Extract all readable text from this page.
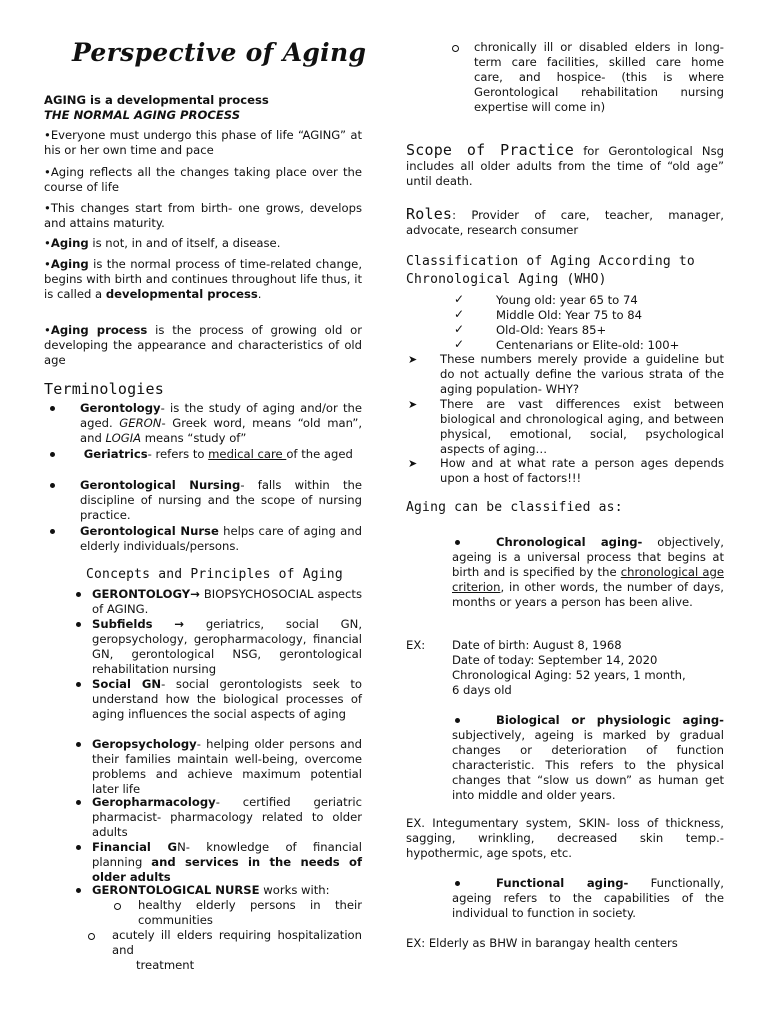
Perspective of Aging
AGING is a developmental process
THE NORMAL AGING PROCESS
•Everyone must undergo this phase of life “AGING” at his or her own time and pace
•Aging reflects all the changes taking place over the course of life
•This changes start from birth- one grows, develops and attains maturity.
•Aging is not, in and of itself, a disease.
•Aging is the normal process of time-related change, begins with birth and continues throughout life thus, it is called a developmental process.
•Aging process is the process of growing old or developing the appearance and characteristics of old age
Terminologies
Gerontology- is the study of aging and/or the aged. GERON- Greek word, means “old man”, and LOGIA means “study of”
Geriatrics- refers to medical care of the aged
Gerontological Nursing- falls within the discipline of nursing and the scope of nursing practice.
Gerontological Nurse helps care of aging and elderly individuals/persons.
Concepts and Principles of Aging
GERONTOLOGY→ BIOPSYCHOSOCIAL aspects of AGING.
Subfields → geriatrics, social GN, geropsychology, geropharmacology, financial GN, gerontological NSG, gerontological rehabilitation nursing
Social GN- social gerontologists seek to understand how the biological processes of aging influences the social aspects of aging
Geropsychology- helping older persons and their families maintain well-being, overcome problems and achieve maximum potential later life
Geropharmacology- certified geriatric pharmacist- pharmacology related to older adults
Financial GN- knowledge of financial planning and services in the needs of older adults
GERONTOLOGICAL NURSE works with:
healthy elderly persons in their communities
acutely ill elders requiring hospitalization and
treatment
chronically ill or disabled elders in long-term care facilities, skilled care home care, and hospice- (this is where Gerontological rehabilitation nursing expertise will come in)
Scope of Practice for Gerontological Nsg includes all older adults from the time of “old age” until death.
Roles: Provider of care, teacher, manager, advocate, research consumer
Classification of Aging According to
Chronological Aging (WHO)
✓	Young old: year 65 to 74
✓	Middle Old: Year 75 to 84
✓	Old-Old: Years 85+
✓	Centenarians or Elite-old: 100+
➤ These numbers merely provide a guideline but do not actually define the various strata of the aging population- WHY?
➤ There are vast differences exist between biological and chronological aging, and between physical, emotional, social, psychological aspects of aging…
➤ How and at what rate a person ages depends upon a host of factors!!!
Aging can be classified as:
Chronological aging- objectively, ageing is a universal process that begins at birth and is specified by the chronological age criterion, in other words, the number of days, months or years a person has been alive.
EX:	Date of birth: August 8, 1968
Date of today: September 14, 2020
Chronological Aging: 52 years, 1 month,
6 days old
Biological or physiologic aging- subjectively, ageing is marked by gradual changes or deterioration of function characteristic. This refers to the physical changes that “slow us down” as human get into middle and older years.
EX. Integumentary system, SKIN- loss of thickness, sagging, wrinkling, decreased skin temp.-hypothermic, age spots, etc.
Functional aging- Functionally, ageing refers to the capabilities of the individual to function in society.
EX: Elderly as BHW in barangay health centers
